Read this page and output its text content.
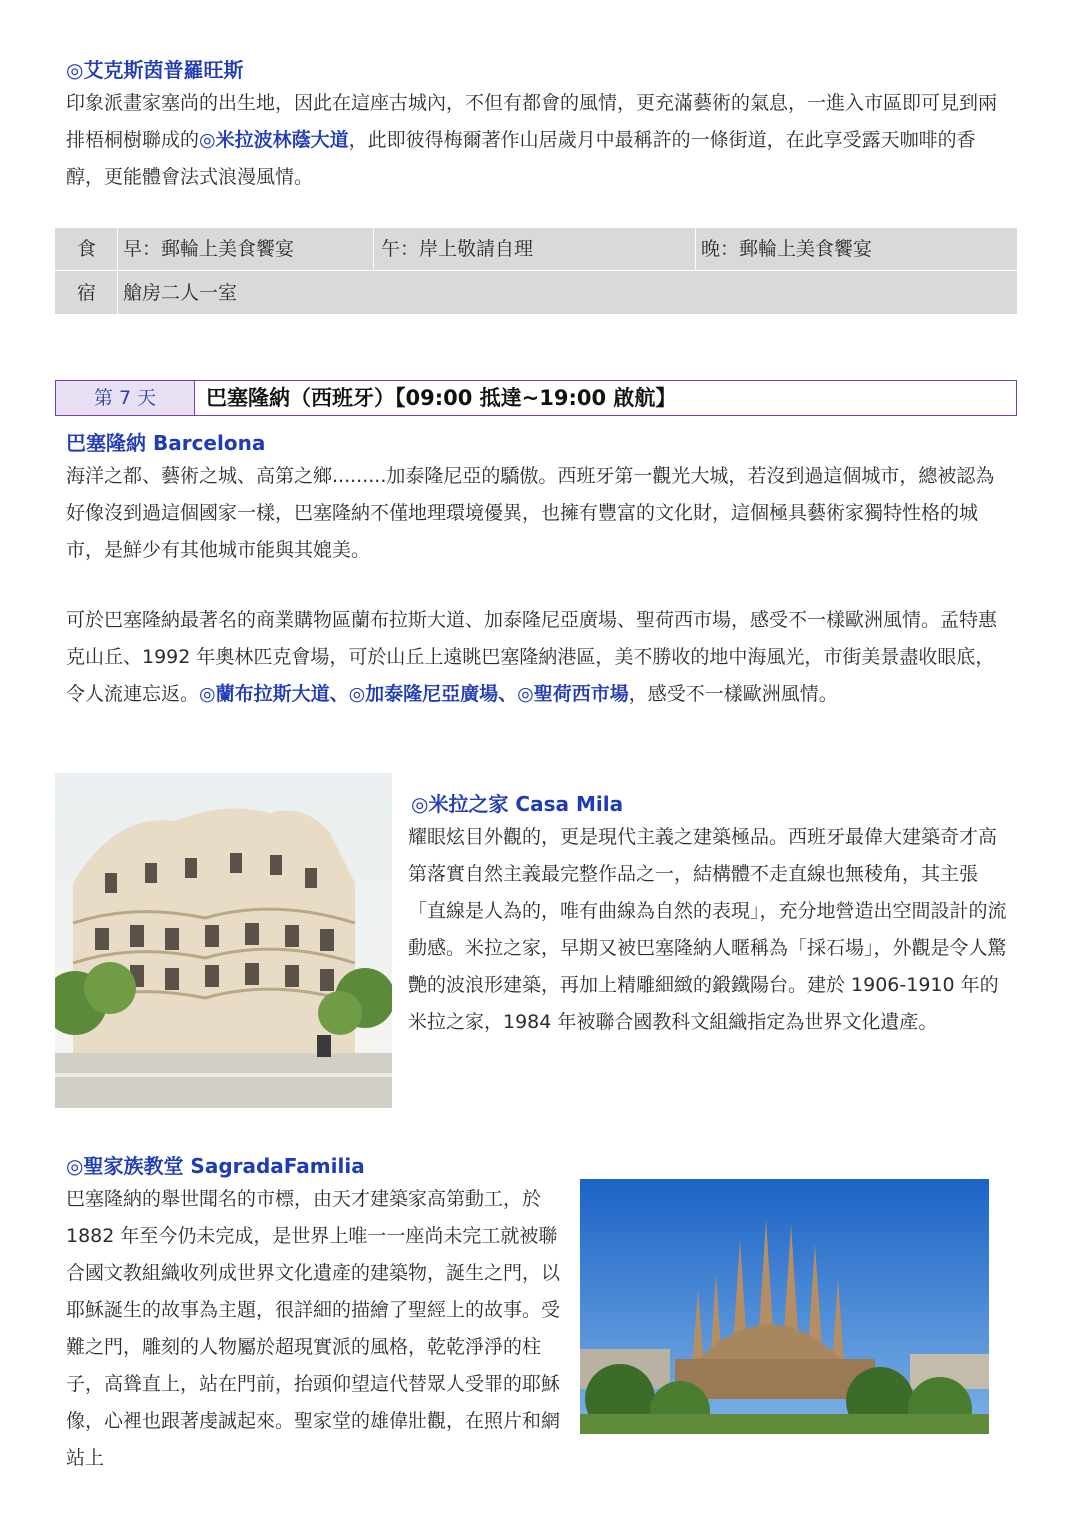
◎艾克斯茵普羅旺斯
印象派畫家塞尚的出生地，因此在這座古城內，不但有都會的風情，更充滿藝術的氣息，一進入市區即可見到兩排梧桐樹聯成的◎米拉波林蔭大道，此即彼得梅爾著作山居歲月中最稱許的一條街道，在此享受露天咖啡的香醇，更能體會法式浪漫風情。
食 早：郵輪上美食饗宴	午：岸上敬請自理	晚：郵輪上美食饗宴
宿 艙房二人一室
第 7 天	巴塞隆納（西班牙）【09:00 抵達~19:00 啟航】
巴塞隆納 Barcelona
海洋之都、藝術之城、高第之鄉.........加泰隆尼亞的驕傲。西班牙第一觀光大城，若沒到過這個城市，總被認為好像沒到過這個國家一樣，巴塞隆納不僅地理環境優異，也擁有豐富的文化財，這個極具藝術家獨特性格的城市，是鮮少有其他城市能與其媲美。
可於巴塞隆納最著名的商業購物區蘭布拉斯大道、加泰隆尼亞廣場、聖荷西市場，感受不一樣歐洲風情。孟特惠克山丘、1992 年奧林匹克會場，可於山丘上遠眺巴塞隆納港區，美不勝收的地中海風光，市街美景盡收眼底，令人流連忘返。◎蘭布拉斯大道、◎加泰隆尼亞廣場、◎聖荷西市場，感受不一樣歐洲風情。
◎米拉之家 Casa Mila
耀眼炫目外觀的，更是現代主義之建築極品。西班牙最偉大建築奇才高第落實自然主義最完整作品之一，結構體不走直線也無稜角，其主張「直線是人為的，唯有曲線為自然的表現」，充分地營造出空間設計的流動感。米拉之家，早期又被巴塞隆納人暱稱為「採石場」，外觀是令人驚艷的波浪形建築，再加上精雕細緻的鍛鐵陽台。建於 1906-1910 年的米拉之家，1984 年被聯合國教科文組織指定為世界文化遺產。
◎聖家族教堂 SagradaFamilia
巴塞隆納的舉世聞名的市標，由天才建築家高第動工，於 1882 年至今仍未完成，是世界上唯一一座尚未完工就被聯合國文教組織收列成世界文化遺產的建築物，誕生之門，以耶穌誕生的故事為主題，很詳細的描繪了聖經上的故事。受難之門，雕刻的人物屬於超現實派的風格，乾乾淨淨的柱子，高聳直上，站在門前，抬頭仰望這代替眾人受罪的耶穌像，心裡也跟著虔誠起來。聖家堂的雄偉壯觀，在照片和網站上
